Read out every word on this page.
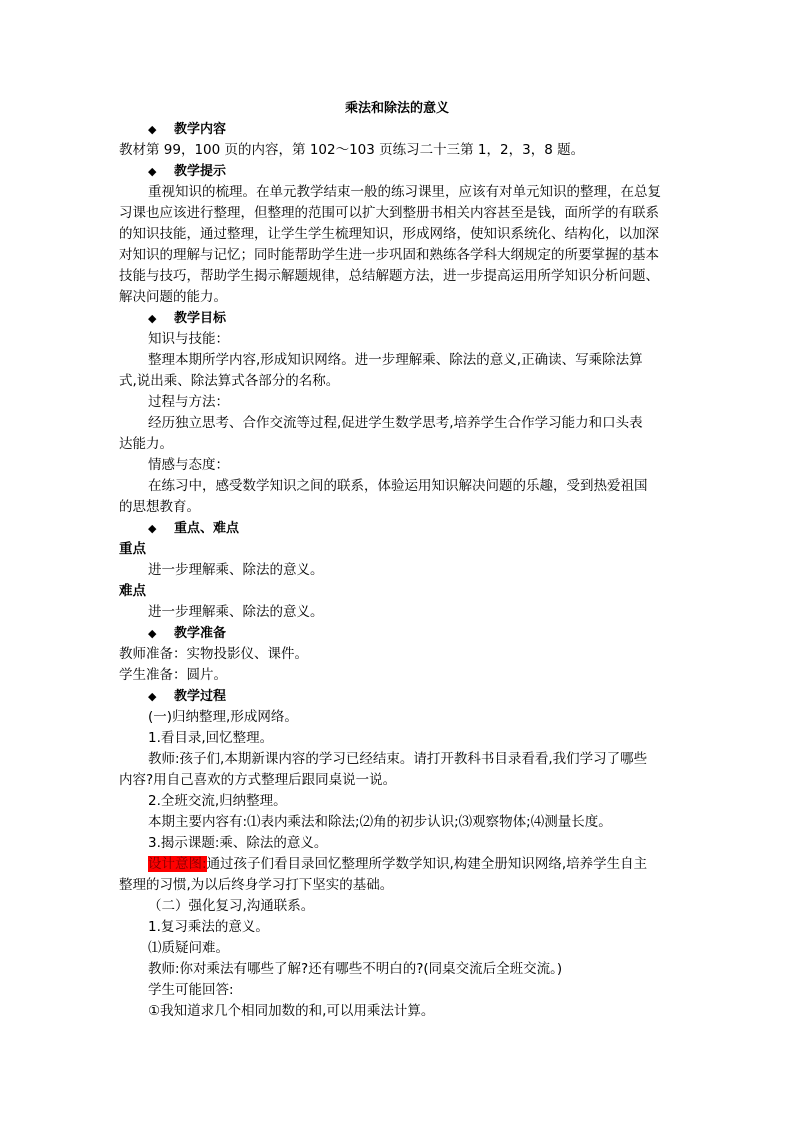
乘法和除法的意义
◆ 教学内容
教材第 99，100 页的内容，第 102～103 页练习二十三第 1，2，3，8 题。
◆ 教学提示
重视知识的梳理。在单元教学结束一般的练习课里，应该有对单元知识的整理，在总复
习课也应该进行整理，但整理的范围可以扩大到整册书相关内容甚至是钱，面所学的有联系
的知识技能，通过整理，让学生学生梳理知识，形成网络，使知识系统化、结构化，以加深
对知识的理解与记忆；同时能帮助学生进一步巩固和熟练各学科大纲规定的所要掌握的基本
技能与技巧，帮助学生揭示解题规律，总结解题方法，进一步提高运用所学知识分析问题、
解决问题的能力。
◆ 教学目标
知识与技能：
整理本期所学内容,形成知识网络。进一步理解乘、除法的意义,正确读、写乘除法算
式,说出乘、除法算式各部分的名称。
过程与方法：
经历独立思考、合作交流等过程,促进学生数学思考,培养学生合作学习能力和口头表
达能力。
情感与态度：
在练习中，感受数学知识之间的联系，体验运用知识解决问题的乐趣，受到热爱祖国
的思想教育。
◆ 重点、难点
重点
进一步理解乘、除法的意义。
难点
进一步理解乘、除法的意义。
◆ 教学准备
教师准备：实物投影仪、课件。
学生准备：圆片。
◆ 教学过程
(一)归纳整理,形成网络。
1.看目录,回忆整理。
教师:孩子们,本期新课内容的学习已经结束。请打开教科书目录看看,我们学习了哪些
内容?用自己喜欢的方式整理后跟同桌说一说。
2.全班交流,归纳整理。
本期主要内容有:⑴表内乘法和除法;⑵角的初步认识;⑶观察物体;⑷测量长度。
3.揭示课题:乘、除法的意义。
设计意图:通过孩子们看目录回忆整理所学数学知识,构建全册知识网络,培养学生自主
整理的习惯,为以后终身学习打下坚实的基础。
（二）强化复习,沟通联系。
1.复习乘法的意义。
⑴质疑问难。
教师:你对乘法有哪些了解?还有哪些不明白的?(同桌交流后全班交流。)
学生可能回答:
①我知道求几个相同加数的和,可以用乘法计算。
